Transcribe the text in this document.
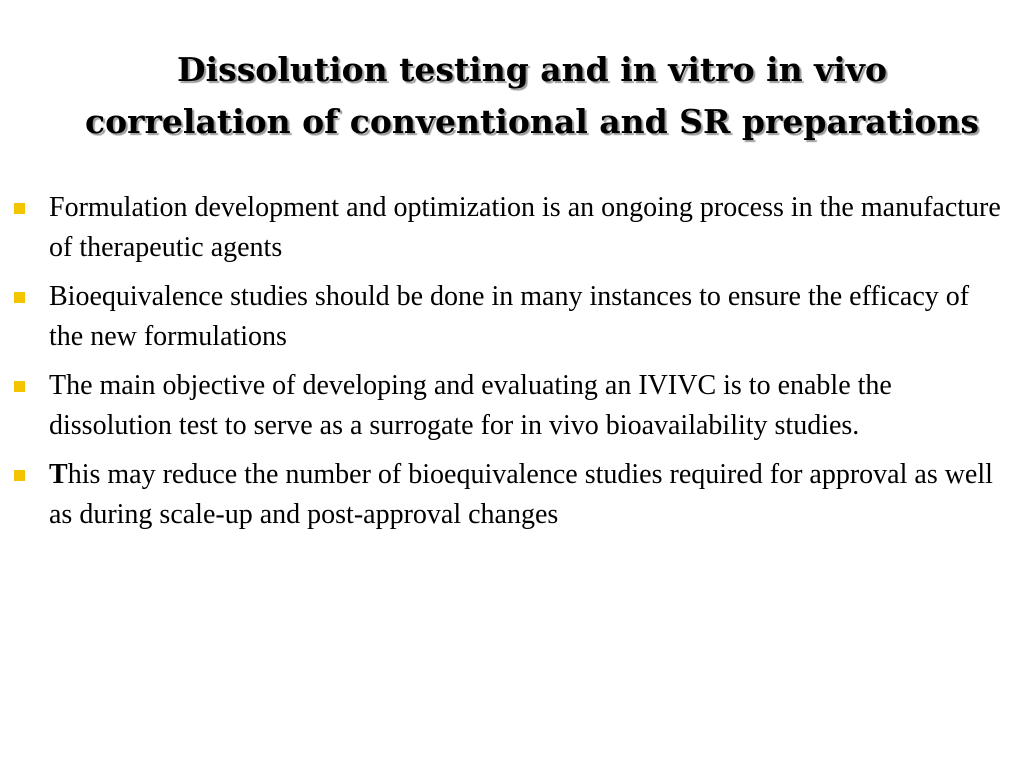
Dissolution testing and in vitro in vivo
correlation of conventional and SR preparations
Formulation development and optimization is an ongoing process in the manufacture of therapeutic agents
Bioequivalence studies should be done in many instances to ensure the efficacy of the new formulations
The main objective of developing and evaluating an IVIVC is to enable the dissolution test to serve as a surrogate for in vivo bioavailability studies.
This may reduce the number of bioequivalence studies required for approval as well as during scale-up and post-approval changes
